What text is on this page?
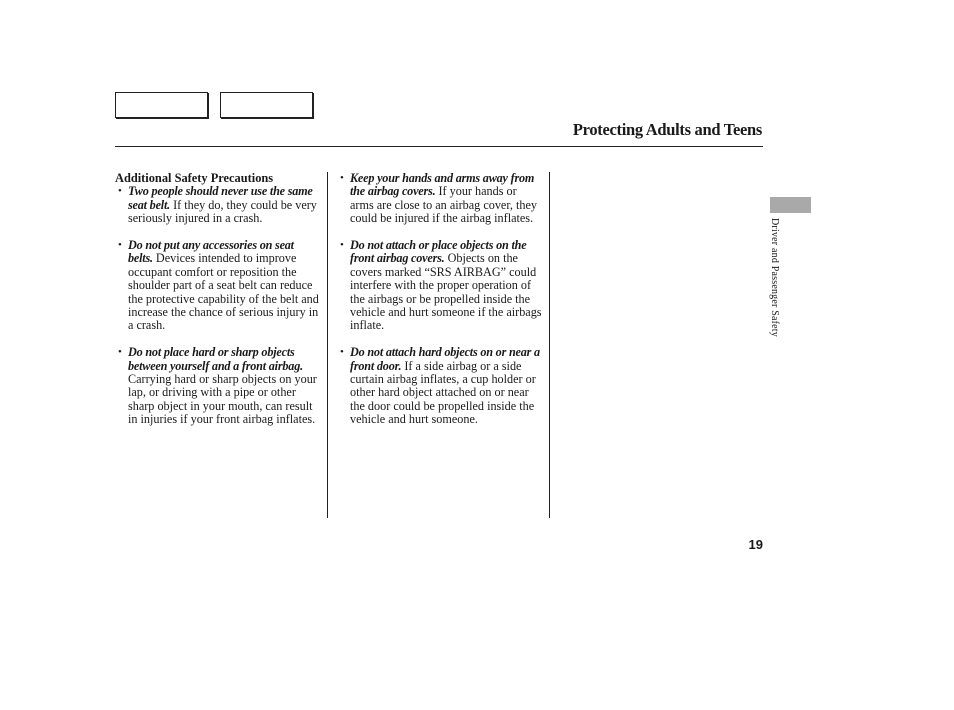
Protecting Adults and Teens
Additional Safety Precautions
• Two people should never use the same seat belt. If they do, they could be very seriously injured in a crash.
• Do not put any accessories on seat belts. Devices intended to improve occupant comfort or reposition the shoulder part of a seat belt can reduce the protective capability of the belt and increase the chance of serious injury in a crash.
• Do not place hard or sharp objects between yourself and a front airbag. Carrying hard or sharp objects on your lap, or driving with a pipe or other sharp object in your mouth, can result in injuries if your front airbag inflates.
• Keep your hands and arms away from the airbag covers. If your hands or arms are close to an airbag cover, they could be injured if the airbag inflates.
• Do not attach or place objects on the front airbag covers. Objects on the covers marked “SRS AIRBAG” could interfere with the proper operation of the airbags or be propelled inside the vehicle and hurt someone if the airbags inflate.
• Do not attach hard objects on or near a front door. If a side airbag or a side curtain airbag inflates, a cup holder or other hard object attached on or near the door could be propelled inside the vehicle and hurt someone.
Driver and Passenger Safety
19
